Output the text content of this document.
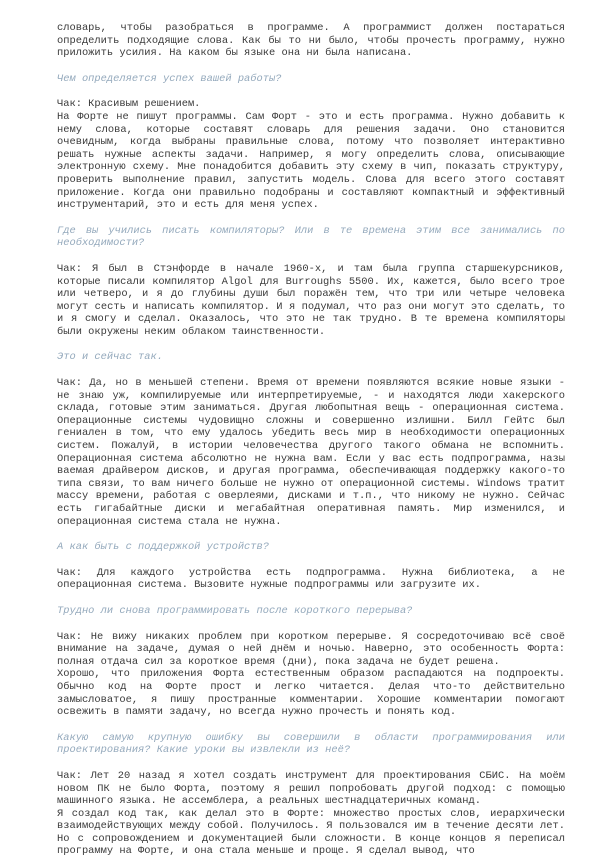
словарь, чтобы разобраться в программе. А программист должен постараться определить подходящие слова. Как бы то ни было, чтобы прочесть программу, нужно приложить усилия. На каком бы языке она ни была написана.

Чем определяется успех вашей работы?

Чак: Красивым решением.

На Форте не пишут программы. Сам Форт - это и есть программа. Нужно добавить к нему слова, которые составят словарь для решения задачи. Оно становится очевидным, когда выбраны правильные слова, потому что позволяет интерактивно решать нужные аспекты задачи. Например, я могу определить слова, описывающие электронную схему. Мне понадобится добавить эту схему в чип, показать структуру, проверить выполнение правил, запустить модель. Слова для всего этого составят приложение. Когда они правильно подобраны и составляют компактный и эффективный инструментарий, это и есть для меня успех.

Где вы учились писать компиляторы? Или в те времена этим все занимались по необходимости?

Чак: Я был в Стэнфорде в начале 1960-х, и там была группа старшекурсников, которые писали компилятор Algol для Burroughs 5500. Их, кажется, было всего трое или четверо, и я до глубины души был поражён тем, что три или четыре человека могут сесть и написать компилятор. И я подумал, что раз они могут это сделать, то и я смогу и сделал. Оказалось, что это не так трудно. В те времена компиляторы были окружены неким облаком таинственности.

Это и сейчас так.

Чак: Да, но в меньшей степени. Время от времени появляются всякие новые языки - не знаю уж, компилируемые или интерпретируемые, - и находятся люди хакерского склада, готовые этим заниматься. Другая любопытная вещь - операционная система. Операционные системы чудовищно сложны и совершенно излишни. Билл Гейтс был гениален в том, что ему удалось убедить весь мир в необходимости операционных систем. Пожалуй, в истории человечества другого такого обмана не вспомнить. Операционная система абсолютно не нужна вам. Если у вас есть подпрограмма, назы ваемая драйвером дисков, и другая программа, обеспечивающая поддержку какого-то типа связи, то вам ничего больше не нужно от операционной системы. Windows тратит массу времени, работая с оверлеями, дисками и т.п., что никому не нужно. Сейчас есть гигабайтные диски и мегабайтная оперативная память. Мир изменился, и операционная система стала не нужна.

А как быть с поддержкой устройств?

Чак: Для каждого устройства есть подпрограмма. Нужна библиотека, а не операционная система. Вызовите нужные подпрограммы или загрузите их.

Трудно ли снова программировать после короткого перерыва?

Чак: Не вижу никаких проблем при коротком перерыве. Я сосредоточиваю всё своё внимание на задаче, думая о ней днём и ночью. Наверно, это особенность Форта: полная отдача сил за короткое время (дни), пока задача не будет решена.

Хорошо, что приложения Форта естественным образом распадаются на подпроекты. Обычно код на Форте прост и легко читается. Делая что-то действительно замысловатое, я пишу пространные комментарии. Хорошие комментарии помогают освежить в памяти задачу, но всегда нужно прочесть и понять код.

Какую самую крупную ошибку вы совершили в области программирования или проектирования? Какие уроки вы извлекли из неё?

Чак: Лет 20 назад я хотел создать инструмент для проектирования СБИС. На моём новом ПК не было Форта, поэтому я решил попробовать другой подход: с помощью машинного языка. Не ассемблера, а реальных шестнадцатеричных команд.

Я создал код так, как делал это в Форте: множество простых слов, иерархически взаимодействующих между собой. Получилось. Я пользовался им в течение десяти лет. Но с сопровождением и документацией были сложности. В конце концов я переписал программу на Форте, и она стала меньше и проще. Я сделал вывод, что
